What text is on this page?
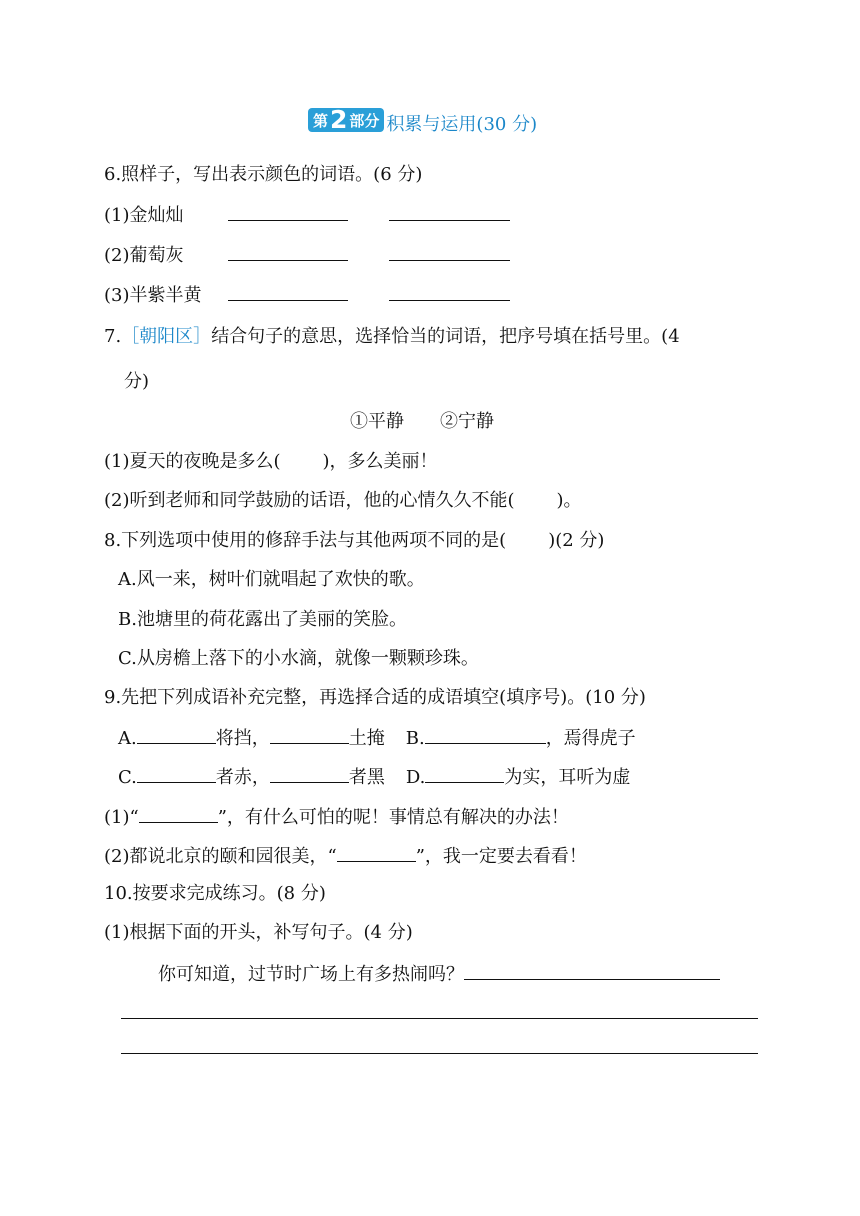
第 2 部分 积累与运用(30 分)
6.照样子，写出表示颜色的词语。(6 分)
(1)金灿灿
(2)葡萄灰
(3)半紫半黄
7.［朝阳区］结合句子的意思，选择恰当的词语，把序号填在括号里。(4
分)
①平静　　②宁静
(1)夏天的夜晚是多么( )，多么美丽！
(2)听到老师和同学鼓励的话语，他的心情久久不能( )。
8.下列选项中使用的修辞手法与其他两项不同的是( )(2 分)
A.风一来，树叶们就唱起了欢快的歌。
B.池塘里的荷花露出了美丽的笑脸。
C.从房檐上落下的小水滴，就像一颗颗珍珠。
9.先把下列成语补充完整，再选择合适的成语填空(填序号)。(10 分)
A.	将挡，	土掩 B.	，焉得虎子
C.	者赤，	者黑 D.	为实，耳听为虚
(1)“	”，有什么可怕的呢！事情总有解决的办法！
(2)都说北京的颐和园很美，“	”，我一定要去看看！
10.按要求完成练习。(8 分)
(1)根据下面的开头，补写句子。(4 分)
你可知道，过节时广场上有多热闹吗？
